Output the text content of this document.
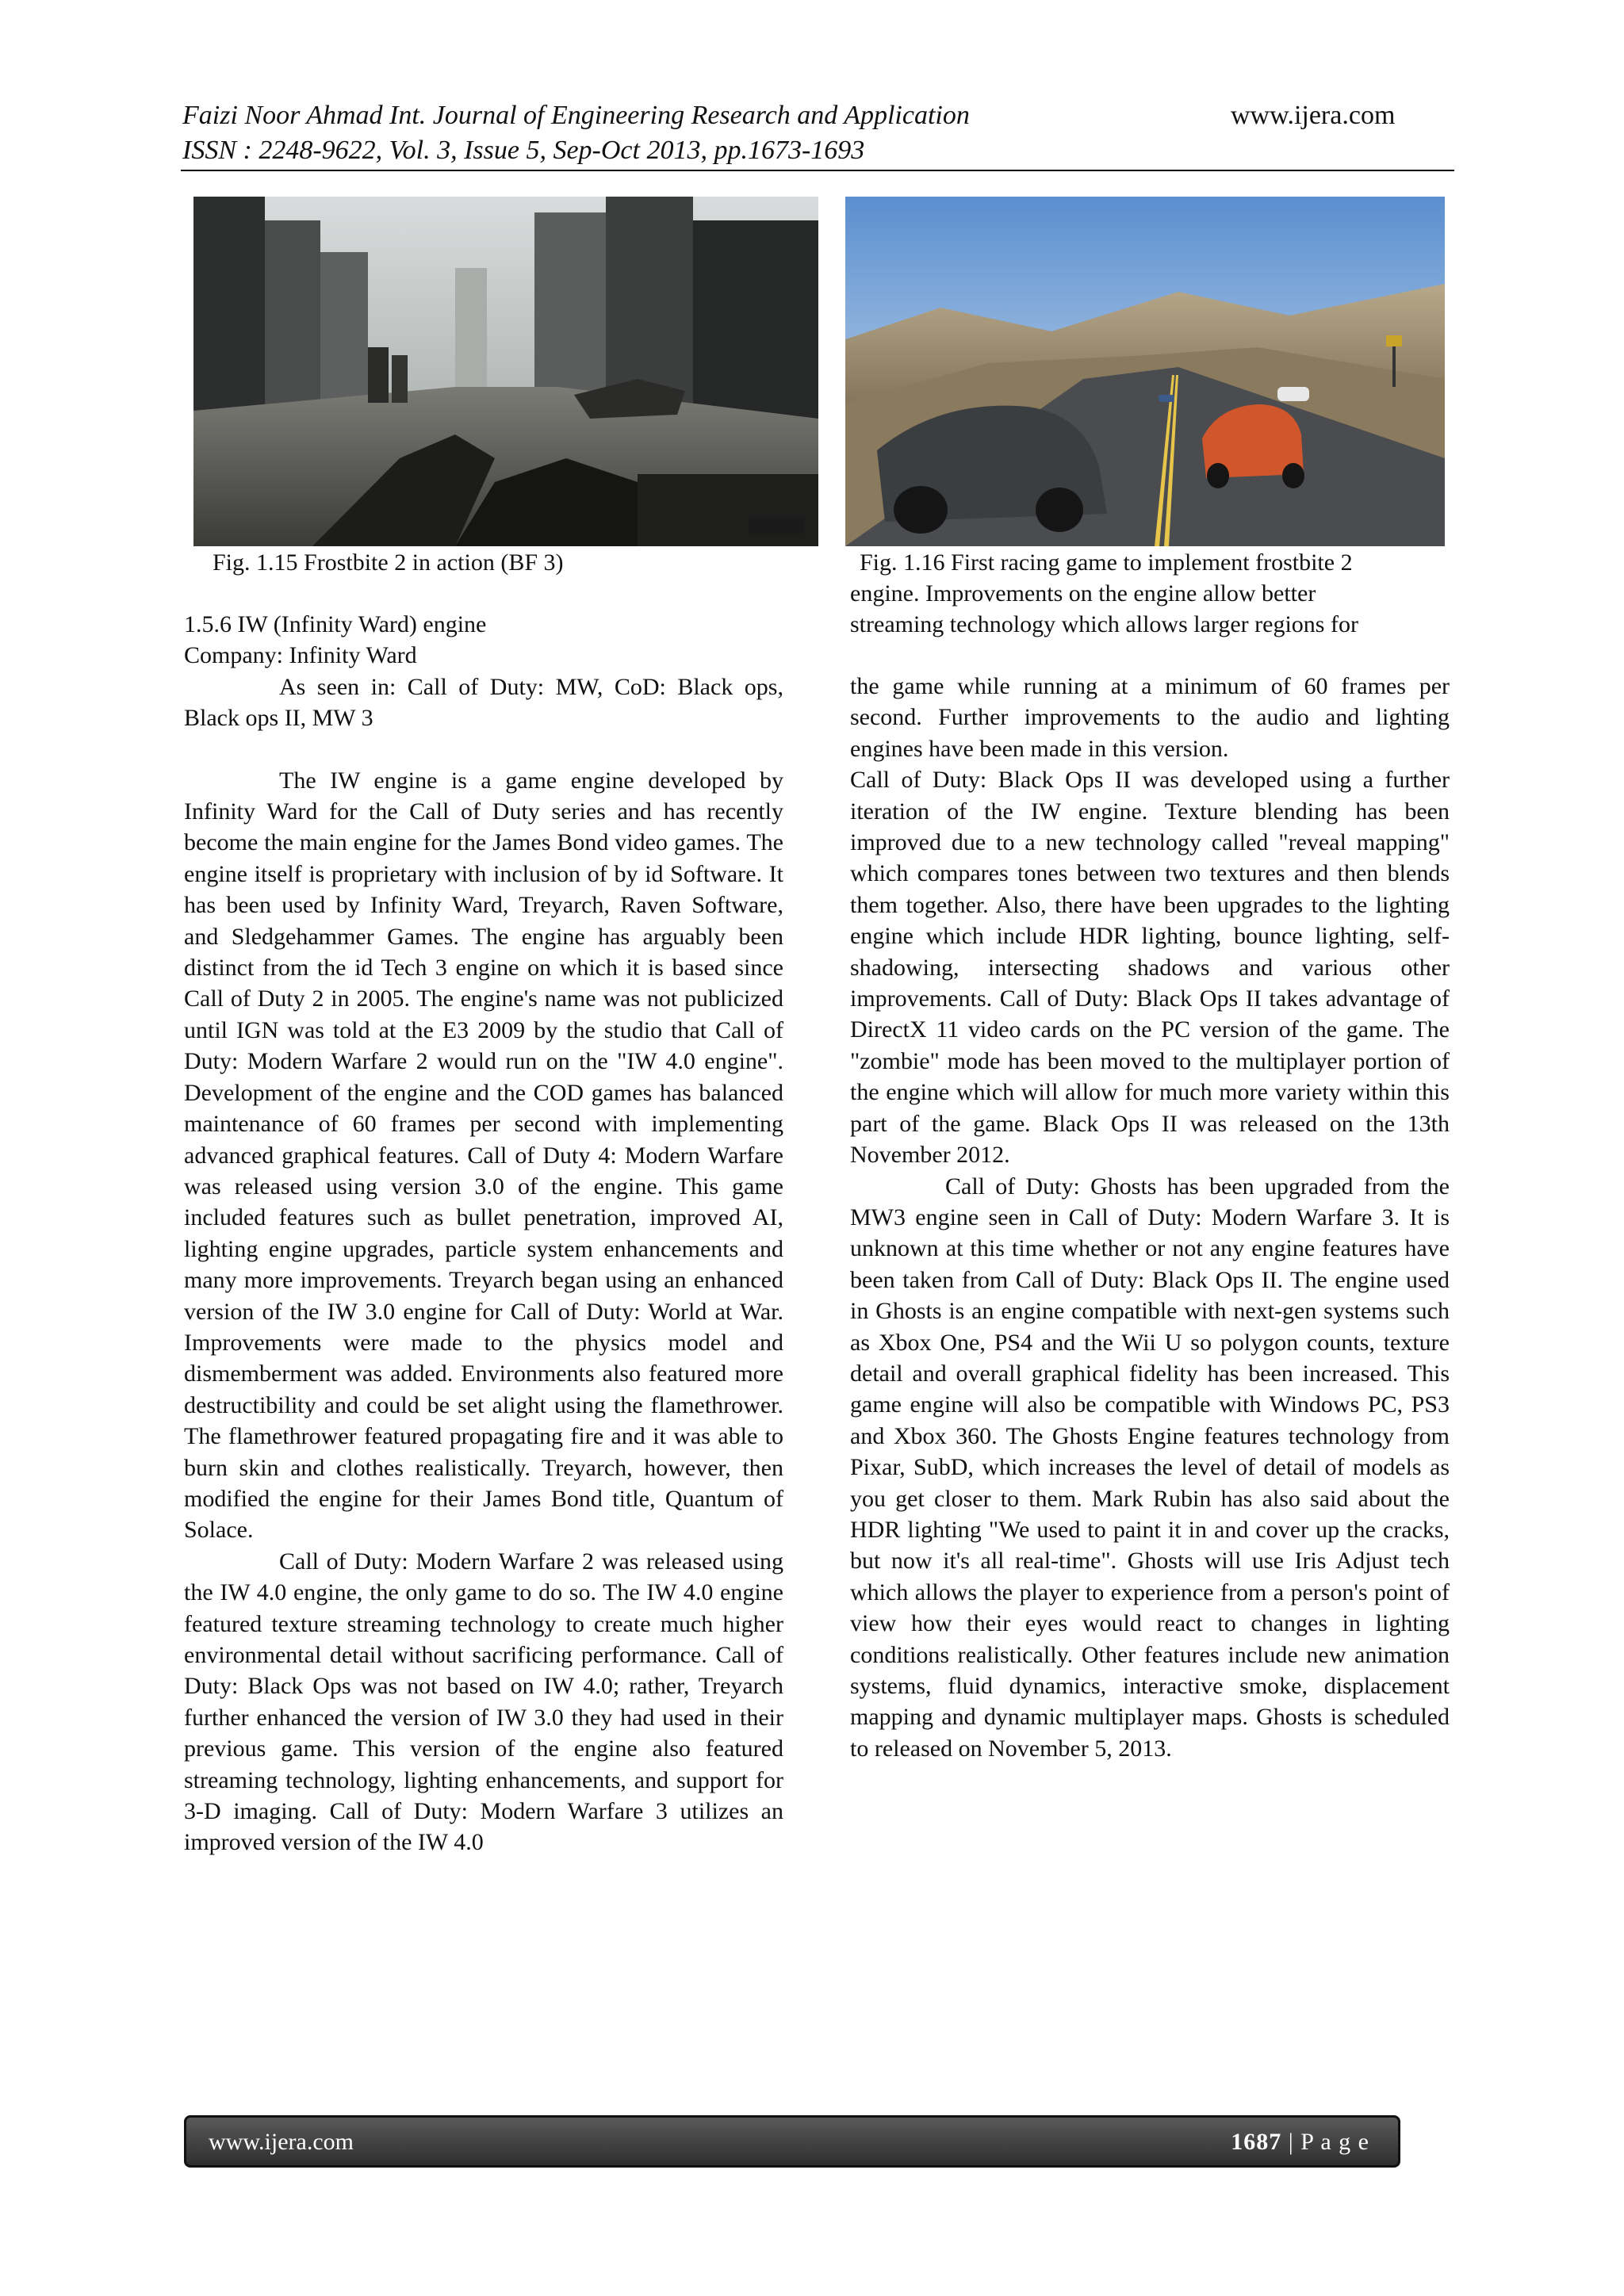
Faizi Noor Ahmad Int. Journal of Engineering Research and Application	www.ijera.com
ISSN : 2248-9622, Vol. 3, Issue 5, Sep-Oct 2013, pp.1673-1693
Fig. 1.15 Frostbite 2 in action (BF 3)	Fig. 1.16 First racing game to implement frostbite 2
engine. Improvements on the engine allow better
streaming technology which allows larger regions for

1.5.6 IW (Infinity Ward) engine

Company: Infinity Ward

As seen in: Call of Duty: MW, CoD: Black ops, Black ops II, MW 3

The IW engine is a game engine developed by Infinity Ward for the Call of Duty series and has recently become the main engine for the James Bond video games. The engine itself is proprietary with inclusion of by id Software. It has been used by Infinity Ward, Treyarch, Raven Software, and Sledgehammer Games. The engine has arguably been distinct from the id Tech 3 engine on which it is based since Call of Duty 2 in 2005. The engine's name was not publicized until IGN was told at the E3 2009 by the studio that Call of Duty: Modern Warfare 2 would run on the "IW 4.0 engine". Development of the engine and the COD games has balanced maintenance of 60 frames per second with implementing advanced graphical features. Call of Duty 4: Modern Warfare was released using version 3.0 of the engine. This game included features such as bullet penetration, improved AI, lighting engine upgrades, particle system enhancements and many more improvements. Treyarch began using an enhanced version of the IW 3.0 engine for Call of Duty: World at War. Improvements were made to the physics model and dismemberment was added. Environments also featured more destructibility and could be set alight using the flamethrower. The flamethrower featured propagating fire and it was able to burn skin and clothes realistically. Treyarch, however, then modified the engine for their James Bond title, Quantum of Solace.

Call of Duty: Modern Warfare 2 was released using the IW 4.0 engine, the only game to do so. The IW 4.0 engine featured texture streaming technology to create much higher environmental detail without sacrificing performance. Call of Duty: Black Ops was not based on IW 4.0; rather, Treyarch further enhanced the version of IW 3.0 they had used in their previous game. This version of the engine also featured streaming technology, lighting enhancements, and support for 3-D imaging. Call of Duty: Modern Warfare 3 utilizes an improved version of the IW 4.0

the game while running at a minimum of 60 frames per second. Further improvements to the audio and lighting engines have been made in this version.

Call of Duty: Black Ops II was developed using a further iteration of the IW engine. Texture blending has been improved due to a new technology called "reveal mapping" which compares tones between two textures and then blends them together. Also, there have been upgrades to the lighting engine which include HDR lighting, bounce lighting, self-shadowing, intersecting shadows and various other improvements. Call of Duty: Black Ops II takes advantage of DirectX 11 video cards on the PC version of the game. The "zombie" mode has been moved to the multiplayer portion of the engine which will allow for much more variety within this part of the game. Black Ops II was released on the 13th November 2012.

Call of Duty: Ghosts has been upgraded from the MW3 engine seen in Call of Duty: Modern Warfare 3. It is unknown at this time whether or not any engine features have been taken from Call of Duty: Black Ops II. The engine used in Ghosts is an engine compatible with next-gen systems such as Xbox One, PS4 and the Wii U so polygon counts, texture detail and overall graphical fidelity has been increased. This game engine will also be compatible with Windows PC, PS3 and Xbox 360. The Ghosts Engine features technology from Pixar, SubD, which increases the level of detail of models as you get closer to them. Mark Rubin has also said about the HDR lighting "We used to paint it in and cover up the cracks, but now it's all real-time". Ghosts will use Iris Adjust tech which allows the player to experience from a person's point of view how their eyes would react to changes in lighting conditions realistically. Other features include new animation systems, fluid dynamics, interactive smoke, displacement mapping and dynamic multiplayer maps. Ghosts is scheduled to released on November 5, 2013.

www.ijera.com	1687 | P a g e
